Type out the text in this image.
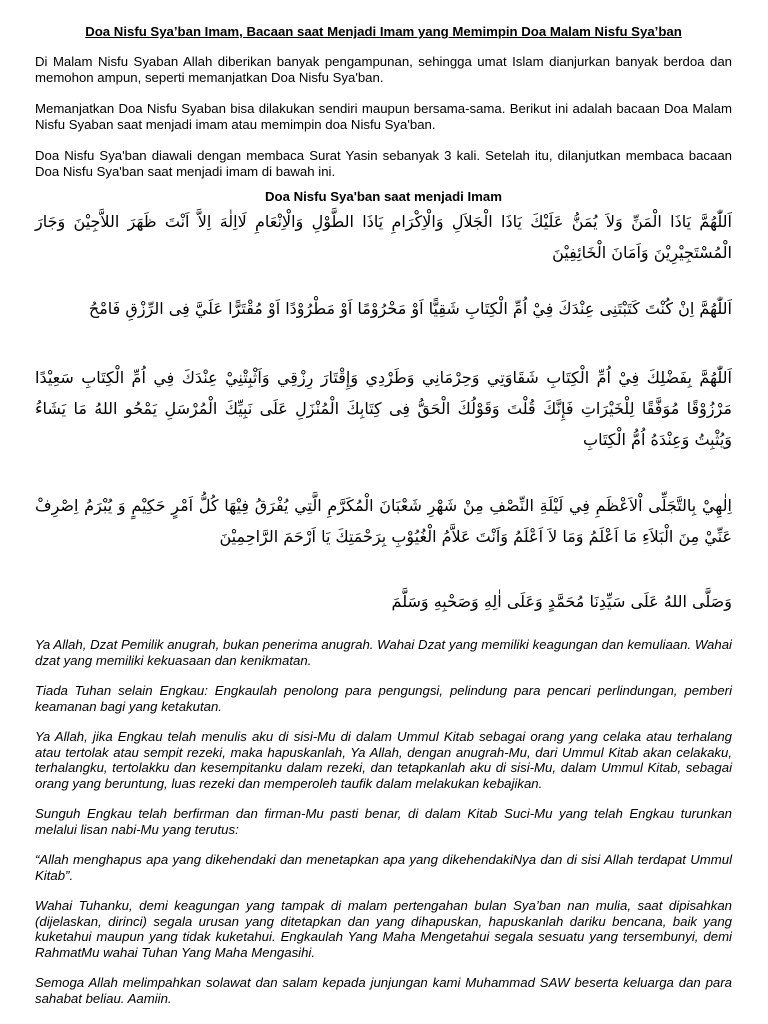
Doa Nisfu Sya’ban Imam, Bacaan saat Menjadi Imam yang Memimpin Doa Malam Nisfu Sya’ban

Di Malam Nisfu Syaban Allah diberikan banyak pengampunan, sehingga umat Islam dianjurkan banyak berdoa dan memohon ampun, seperti memanjatkan Doa Nisfu Sya'ban.

Memanjatkan Doa Nisfu Syaban bisa dilakukan sendiri maupun bersama-sama. Berikut ini adalah bacaan Doa Malam Nisfu Syaban saat menjadi imam atau memimpin doa Nisfu Sya'ban.

Doa Nisfu Sya'ban diawali dengan membaca Surat Yasin sebanyak 3 kali. Setelah itu, dilanjutkan membaca bacaan Doa Nisfu Sya'ban saat menjadi imam di bawah ini.

Doa Nisfu Sya'ban saat menjadi Imam

اَللّٰهُمَّ يَاذَا الْمَنِّ وَلاَ يُمَنُّ عَلَيْكَ يَاذَا الْجَلاَلِ وَالْاِكْرَامِ يَاذَا الطَّوْلِ وَالْاِنْعَامِ لَااِلٰهَ اِلاَّ اَنْتَ ظَهَرَ اللاَّجِيْنَ وَجَارَ الْمُسْتَجِيْرِيْنَ وَاَمَانَ الْخَائِفِيْنَ

اَللّٰهُمَّ اِنْ كُنْتَ كَتَبْتَنِى عِنْدَكَ فِيْ اُمِّ الْكِتَابِ شَقِيًّا اَوْ مَحْرُوْمًا اَوْ مَطْرُوْدًا اَوْ مُقْتَرًّا عَلَيَّ فِى الرِّزْقِ فَامْحُ

اَللّٰهُمَّ بِفَضْلِكَ فِيْ اُمِّ الْكِتَابِ شَقَاوَتِي وَحِرْمَانِي وَطَرْدِي وَإِقْتَارَ رِزْقِي وَاَثْبِتْنِيْ عِنْدَكَ فِي اُمِّ الْكِتَابِ سَعِيْدًا مَرْزُوْقًا مُوَفَّقًا لِلْخَيْرَاتِ فَإِنَّكَ قُلْتَ وَقَوْلُكَ الْحَقُّ فِى كِتَابِكَ الْمُنْزَلِ عَلَى نَبِيِّكَ الْمُرْسَلِ يَمْحُو اللهُ مَا يَشَاءُ وَيُثْبِتُ وَعِنْدَهُ اُمُّ الْكِتَابِ

اِلٰهِيْ بِالتَّجَلِّى اْلاَعْظَمِ فِي لَيْلَةِ النِّصْفِ مِنْ شَهْرِ شَعْبَانَ الْمُكَرَّمِ الَّتِي يُفْرَقُ فِيْهَا كُلُّ اَمْرٍ حَكِيْمٍ وَ يُبْرَمُ اِصْرِفْ عَنِّيْ مِنَ الْبَلاَءِ مَا اَعْلَمُ وَمَا لاَ اَعْلَمُ وَاَنْتَ عَلاَّمُ الْغُيُوْبِ بِرَحْمَتِكَ يَا اَرْحَمَ الرَّاحِمِيْنَ

وَصَلَّى اللهُ عَلَى سَيِّدِنَا مُحَمَّدٍ وَعَلَى اٰلِهِ وَصَحْبِهِ وَسَلَّمَ

Ya Allah, Dzat Pemilik anugrah, bukan penerima anugrah. Wahai Dzat yang memiliki keagungan dan kemuliaan. Wahai dzat yang memiliki kekuasaan dan kenikmatan.

Tiada Tuhan selain Engkau: Engkaulah penolong para pengungsi, pelindung para pencari perlindungan, pemberi keamanan bagi yang ketakutan.

Ya Allah, jika Engkau telah menulis aku di sisi-Mu di dalam Ummul Kitab sebagai orang yang celaka atau terhalang atau tertolak atau sempit rezeki, maka hapuskanlah, Ya Allah, dengan anugrah-Mu, dari Ummul Kitab akan celakaku, terhalangku, tertolakku dan kesempitanku dalam rezeki, dan tetapkanlah aku di sisi-Mu, dalam Ummul Kitab, sebagai orang yang beruntung, luas rezeki dan memperoleh taufik dalam melakukan kebajikan.

Sunguh Engkau telah berfirman dan firman-Mu pasti benar, di dalam Kitab Suci-Mu yang telah Engkau turunkan melalui lisan nabi-Mu yang terutus:

“Allah menghapus apa yang dikehendaki dan menetapkan apa yang dikehendakiNya dan di sisi Allah terdapat Ummul Kitab”.

Wahai Tuhanku, demi keagungan yang tampak di malam pertengahan bulan Sya’ban nan mulia, saat dipisahkan (dijelaskan, dirinci) segala urusan yang ditetapkan dan yang dihapuskan, hapuskanlah dariku bencana, baik yang kuketahui maupun yang tidak kuketahui. Engkaulah Yang Maha Mengetahui segala sesuatu yang tersembunyi, demi RahmatMu wahai Tuhan Yang Maha Mengasihi.

Semoga Allah melimpahkan solawat dan salam kepada junjungan kami Muhammad SAW beserta keluarga dan para sahabat beliau. Aamiin.
